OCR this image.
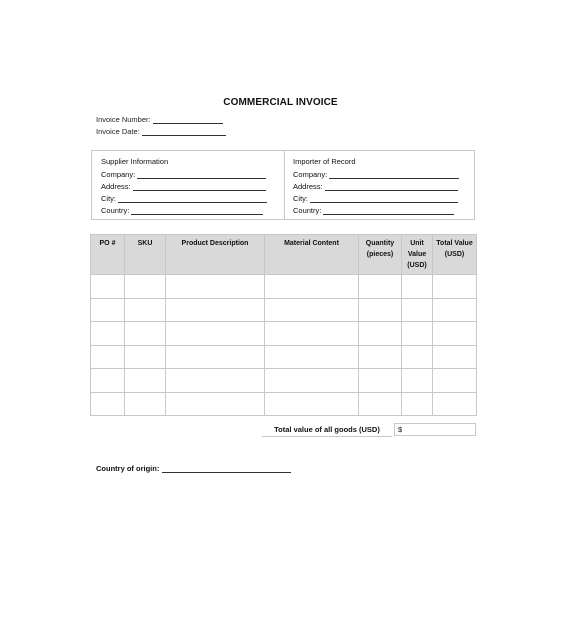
COMMERCIAL INVOICE
Invoice Number:
Invoice Date:
Supplier Information
Company:
Address:
City:
Country:
Importer of Record
Company:
Address:
City:
Country:
PO #	SKU	Product Description	Material Content	Quantity (pieces)	Unit Value (USD)	Total Value (USD)

Total value of all goods (USD)	$
Country of origin:
